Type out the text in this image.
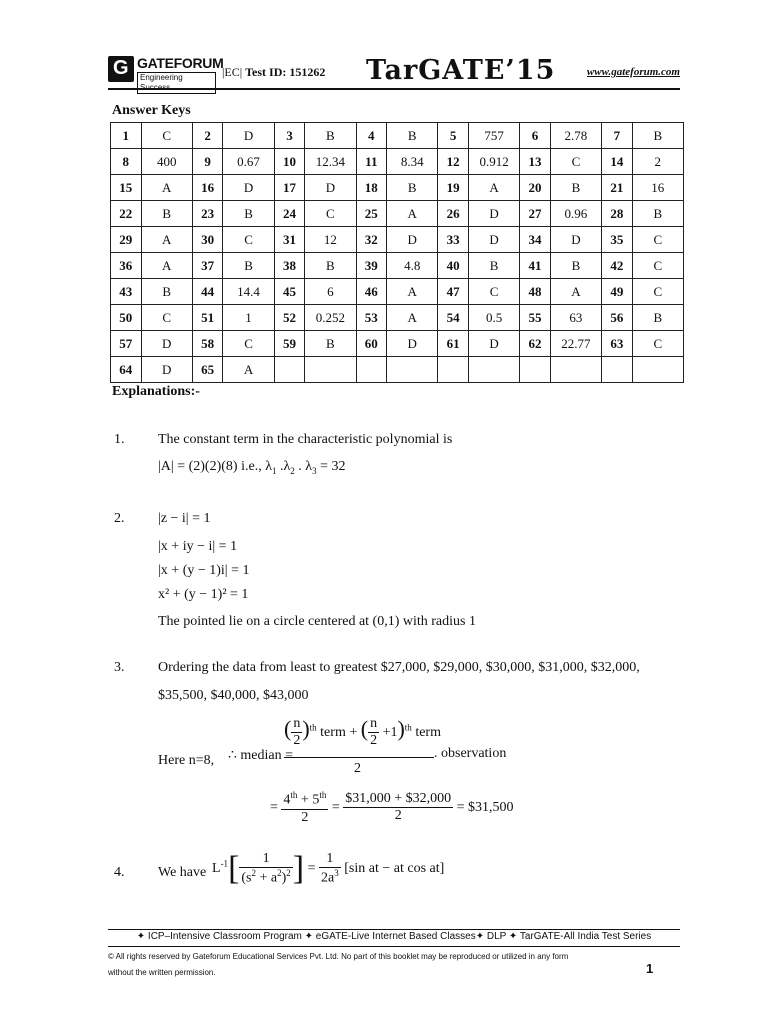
G GATEFORUM
Engineering Success
|EC| Test ID: 151262 TarGATE’15	www.gateforum.com
Answer Keys
1	C	2	D	3	B	4	B	5	757	6	2.78	7	B
8	400	9	0.67	10	12.34	11	8.34	12	0.912	13	C	14	2
15	A	16	D	17	D	18	B	19	A	20	B	21	16
22	B	23	B	24	C	25	A	26	D	27	0.96	28	B
29	A	30	C	31	12	32	D	33	D	34	D	35	C
36	A	37	B	38	B	39	4.8	40	B	41	B	42	C
43	B	44	14.4	45	6	46	A	47	C	48	A	49	C
50	C	51	1	52	0.252	53	A	54	0.5	55	63	56	B
57	D	58	C	59	B	60	D	61	D	62	22.77	63	C
64	D	65	A										
Explanations:-
1. The constant term in the characteristic polynomial is
|A| = (2)(2)(8) i.e., $\lambda_1$ $.\lambda_2$ . $\lambda_3 = 32$
2. |z − i| = 1
|x + iy − i| = 1
|x + (y − 1)i| = 1
x² + (y − 1)² = 1
The pointed lie on a circle centered at (0,1) with radius 1
3. Ordering the data from least to greatest $27,000, $29,000, $30,000, $31,000, $32,000,
$35,500, $40,000, $43,000
Here n=8, ∴ median =
( $\frac{n}{2} )^{th}$ term + ( $\frac{n}{2} +1)^{th}$ term
. observation
2
= $\frac{4^{th} + 5^{th}}{2} = \frac{\$31,000 + \$32,000}{2}$ = $31,500
4. We have $L^{-1}[ \frac{1}{(s^2 + a^2)^2}$ ] = $\frac{1}{2a^3} [\sin$ at − at cos at]
✦ ICP–Intensive Classroom Program ✦ eGATE-Live Internet Based Classes✦ DLP ✦ TarGATE-All India Test Series
© All rights reserved by Gateforum Educational Services Pvt. Ltd. No part of this booklet may be reproduced or utilized in any form
without the written permission.	1
